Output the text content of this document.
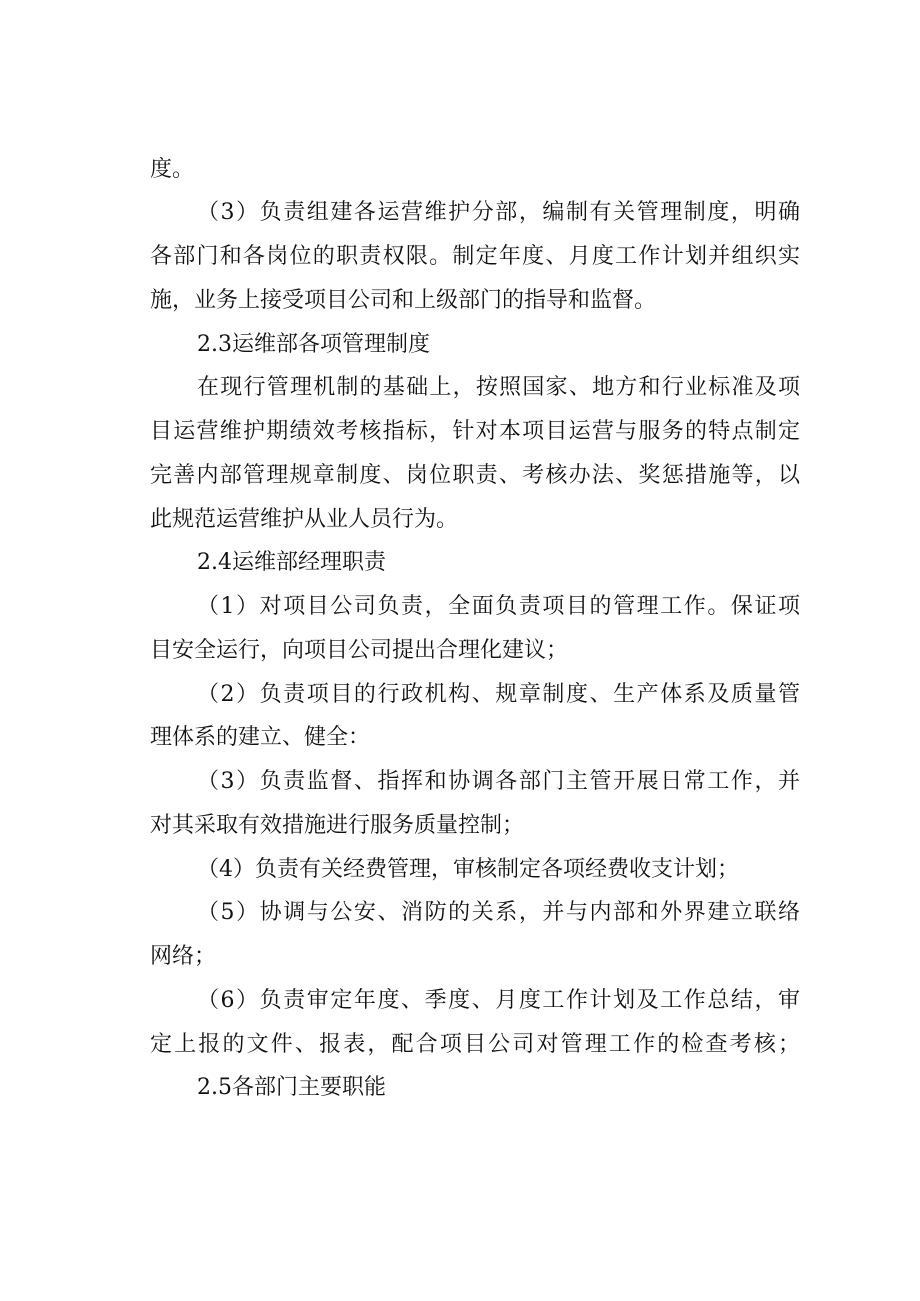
度。
（3）负责组建各运营维护分部，编制有关管理制度，明确
各部门和各岗位的职责权限。制定年度、月度工作计划并组织实
施，业务上接受项目公司和上级部门的指导和监督。
2.3运维部各项管理制度
在现行管理机制的基础上，按照国家、地方和行业标准及项
目运营维护期绩效考核指标，针对本项目运营与服务的特点制定
完善内部管理规章制度、岗位职责、考核办法、奖惩措施等，以
此规范运营维护从业人员行为。
2.4运维部经理职责
（1）对项目公司负责，全面负责项目的管理工作。保证项
目安全运行，向项目公司提出合理化建议；
（2）负责项目的行政机构、规章制度、生产体系及质量管
理体系的建立、健全：
（3）负责监督、指挥和协调各部门主管开展日常工作，并
对其采取有效措施进行服务质量控制；
（4）负责有关经费管理，审核制定各项经费收支计划；
（5）协调与公安、消防的关系，并与内部和外界建立联络
网络；
（6）负责审定年度、季度、月度工作计划及工作总结，审
定上报的文件、报表，配合项目公司对管理工作的检查考核；
2.5各部门主要职能
